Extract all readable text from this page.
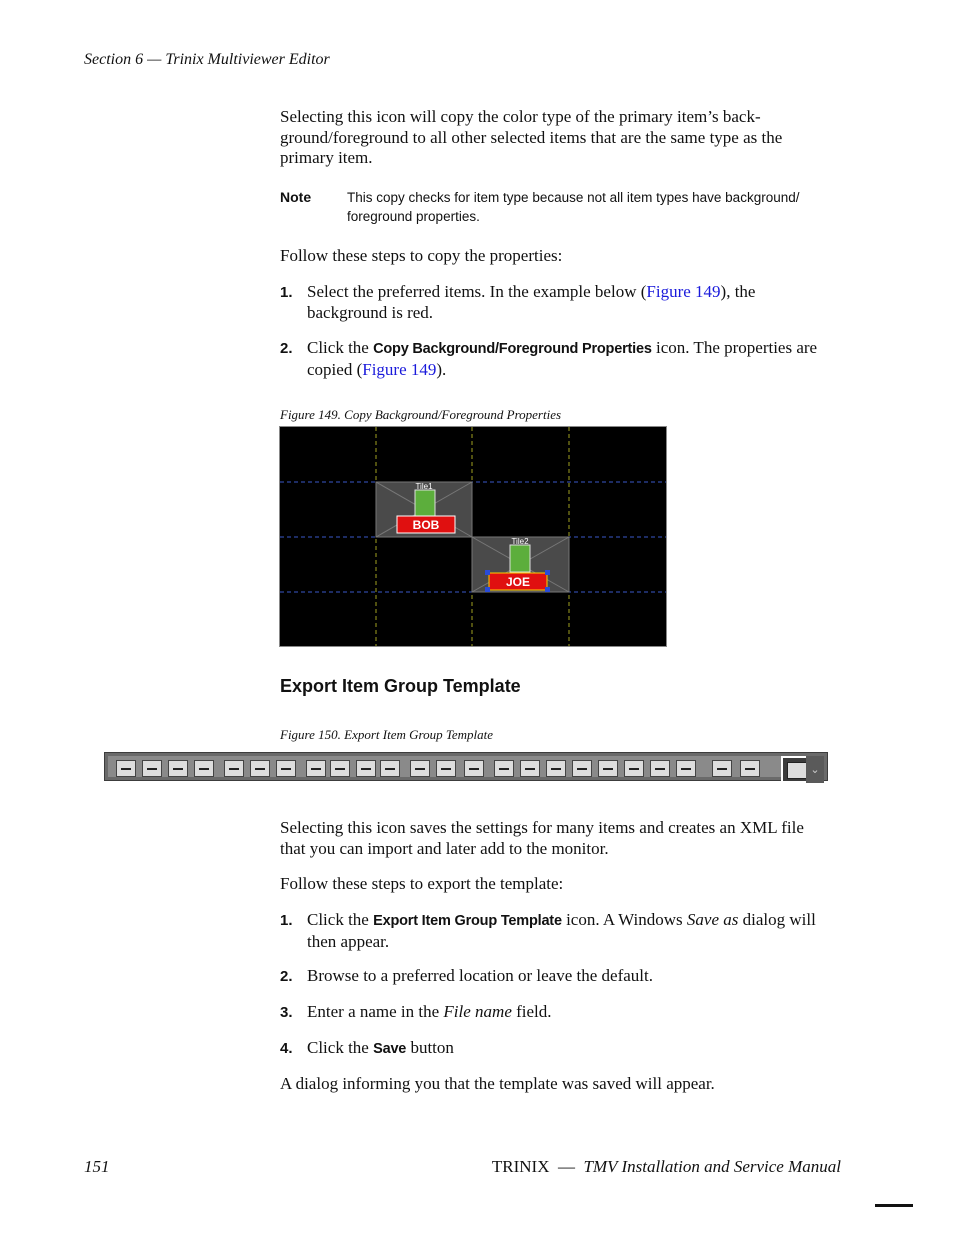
Section 6 — Trinix Multiviewer Editor
Selecting this icon will copy the color type of the primary item’s back-
ground/foreground to all other selected items that are the same type as the
primary item.
Note	This copy checks for item type because not all item types have background/
foreground properties.
Follow these steps to copy the properties:
1. Select the preferred items. In the example below (Figure 149), the
background is red.
2. Click the Copy Background/Foreground Properties icon. The properties are
copied (Figure 149).
Figure 149. Copy Background/Foreground Properties
Tile1
BOB
Tile2
JOE
Export Item Group Template
Figure 150. Export Item Group Template
⌄
Selecting this icon saves the settings for many items and creates an XML file
that you can import and later add to the monitor.
Follow these steps to export the template:
1. Click the Export Item Group Template icon. A Windows Save as dialog will
then appear.
2. Browse to a preferred location or leave the default.
3. Enter a name in the File name field.
4. Click the Save button
A dialog informing you that the template was saved will appear.
151	TRINIX  —  TMV Installation and Service Manual
